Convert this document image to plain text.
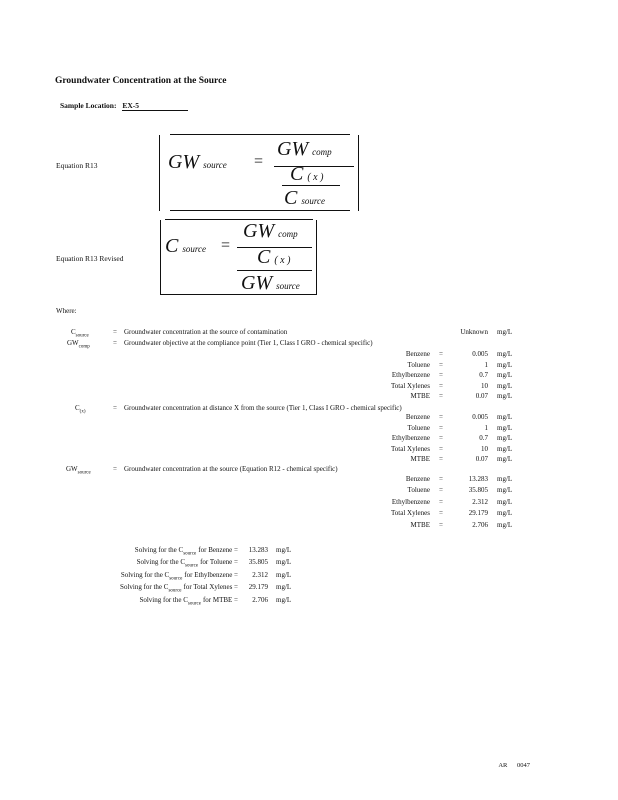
Groundwater Concentration at the Source
Sample Location: EX-5
Equation R13	GW source =
GW comp
C ( x )
C source
Equation R13 Revised
C source =
GW comp
C ( x )
GW source
Where:
$C_{source}$	= Groundwater concentration at the source of contamination	Unknown mg/L
$GW_{comp}$	= Groundwater objective at the compliance point (Tier 1, Class I GRO - chemical specific)
Benzene	=	0.005 mg/L
Toluene	=	1 mg/L
Ethylbenzene	=	0.7 mg/L
Total Xylenes	=	10 mg/L
MTBE	=	0.07 mg/L
$C_{(x)}$	= Groundwater concentration at distance X from the source (Tier 1, Class I GRO - chemical specific)
Benzene	=	0.005 mg/L
Toluene	=	1 mg/L
Ethylbenzene	=	0.7 mg/L
Total Xylenes	=	10 mg/L
MTBE	=	0.07 mg/L
$GW_{source}$	= Groundwater concentration at the source (Equation R12 - chemical specific)
Benzene	=	13.283 mg/L
Toluene	=	35.805 mg/L
Ethylbenzene	=	2.312 mg/L
Total Xylenes	=	29.179 mg/L
MTBE	=	2.706 mg/L
Solving for the $C_{source}$ for Benzene =	13.283 mg/L
Solving for the $C_{source}$ for Toluene =	35.805 mg/L
Solving for the $C_{source}$ for Ethylbenzene =	2.312 mg/L
Solving for the $C_{source}$ for Total Xylenes =	29.179 mg/L
Solving for the $C_{source}$ for MTBE =	2.706 mg/L
AR 0047
